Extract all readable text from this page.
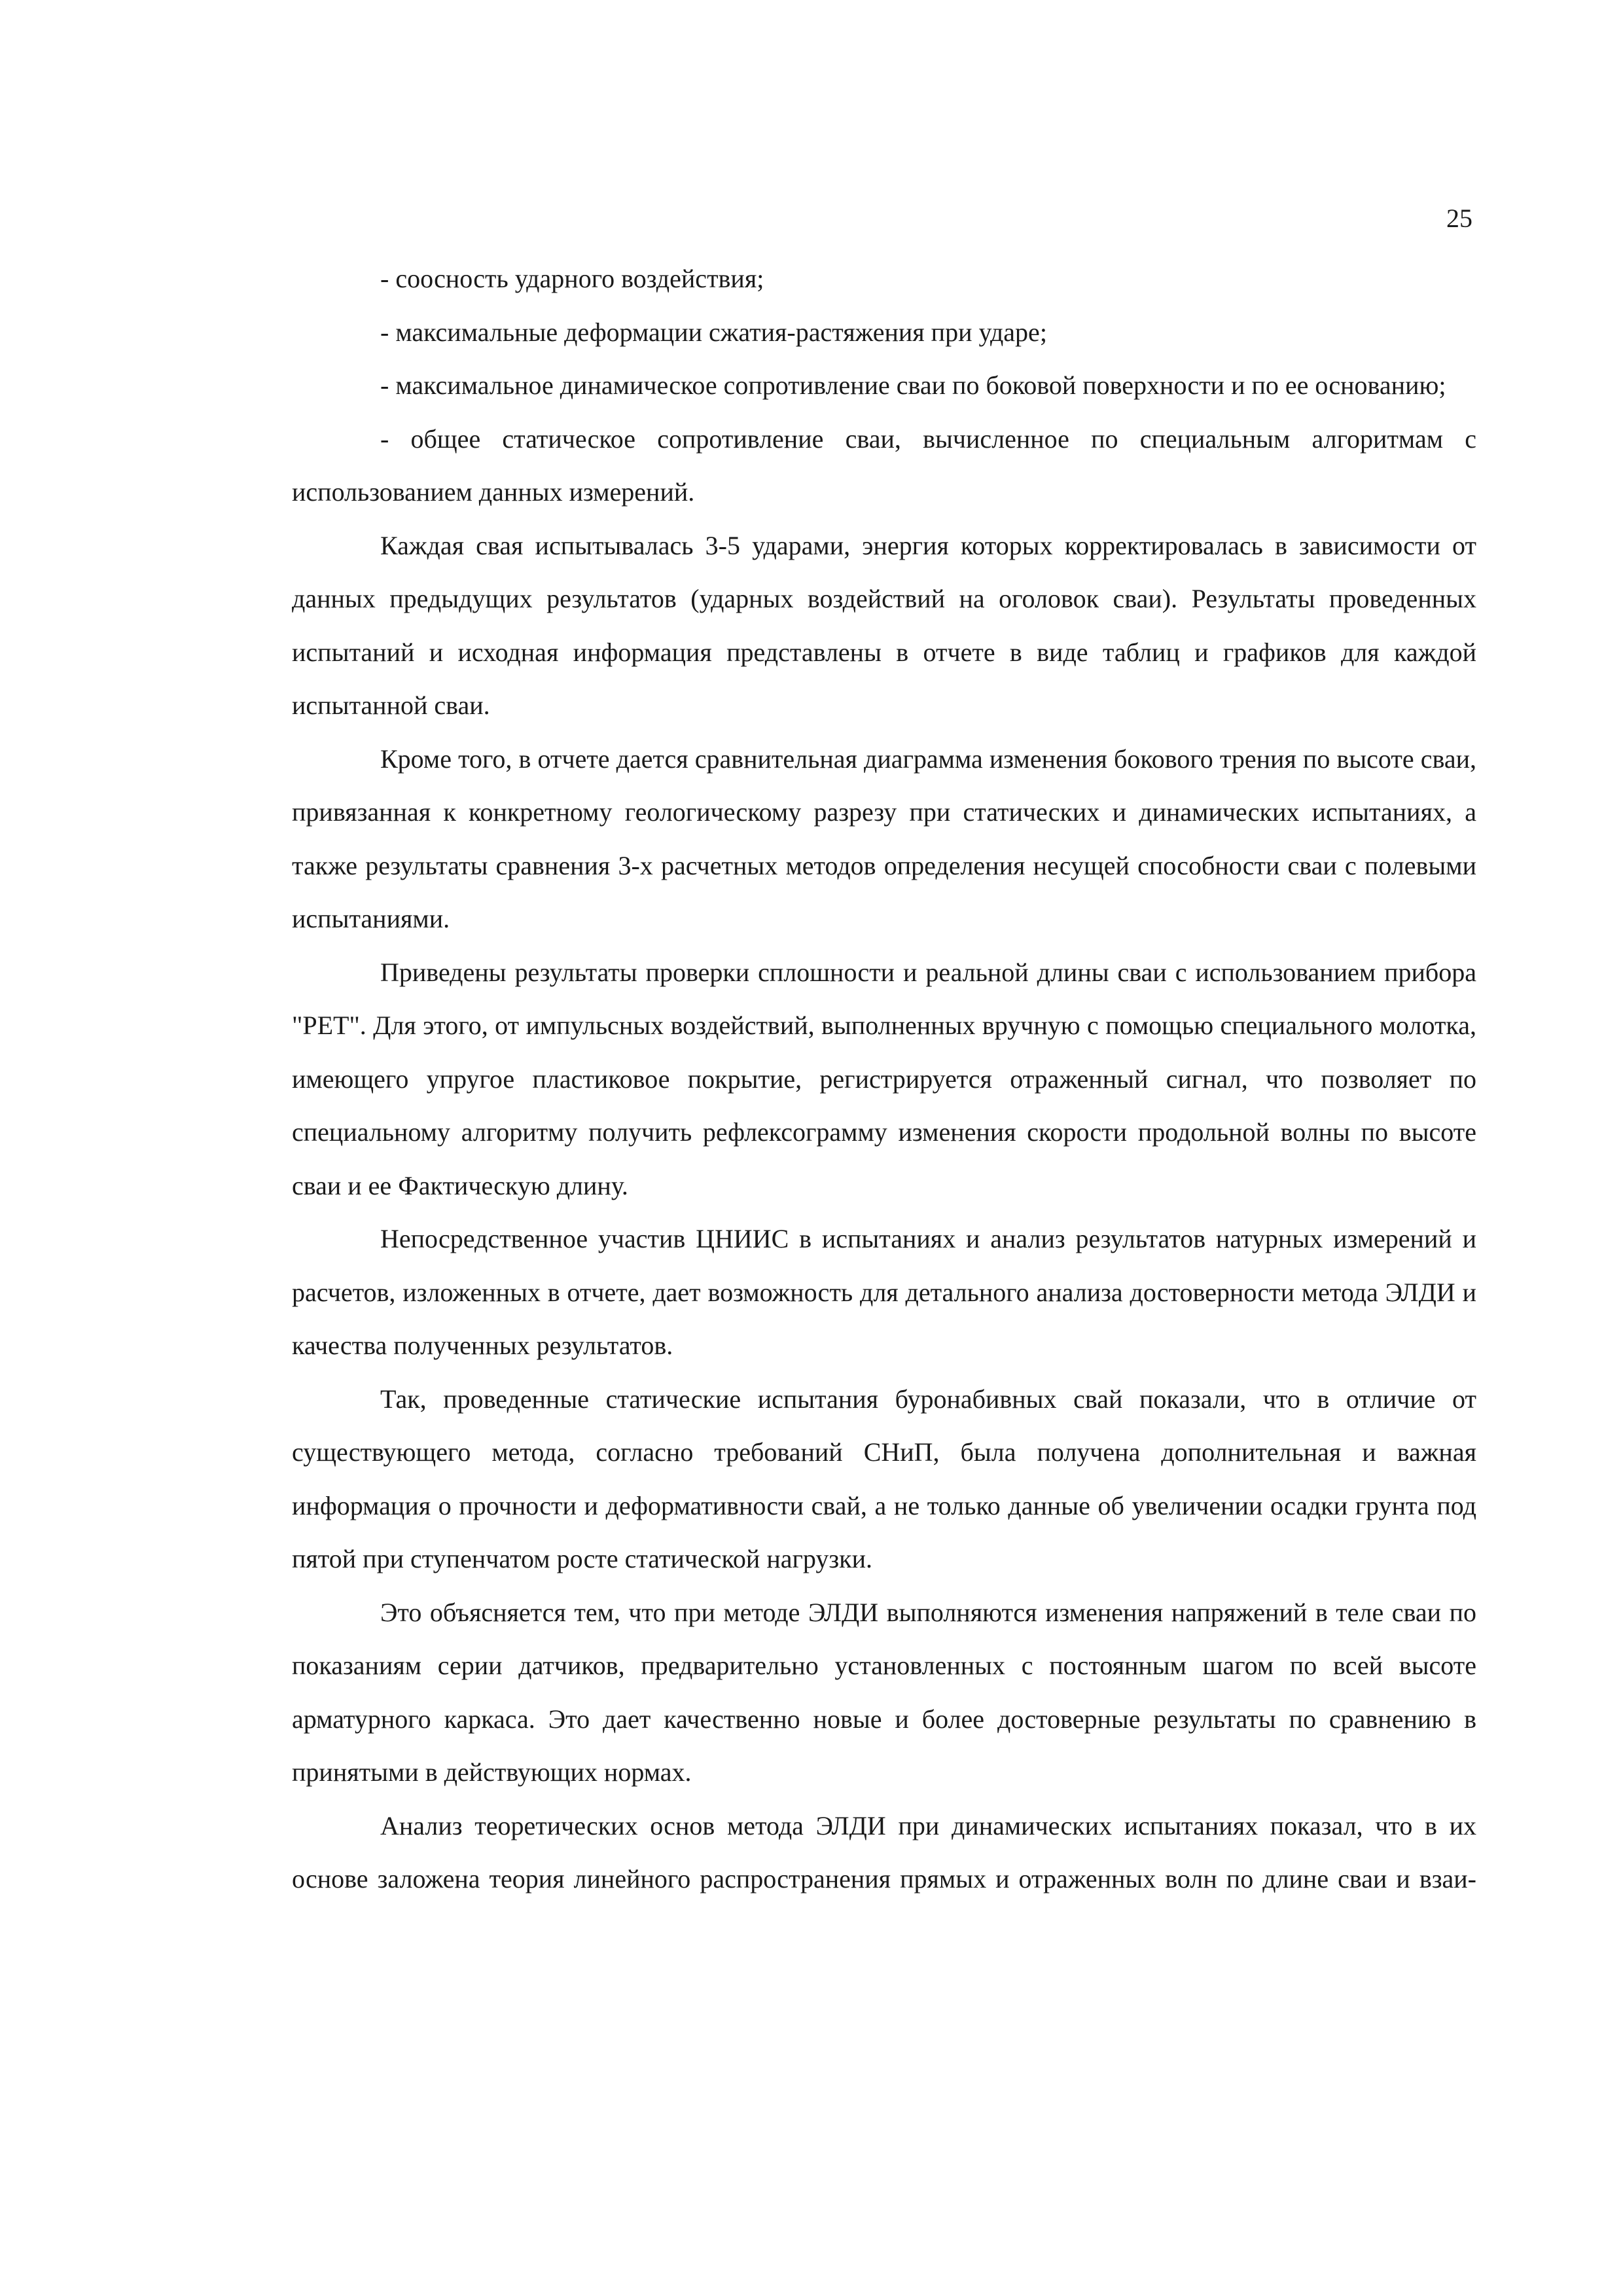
25

- соосность ударного воздействия;

- максимальные деформации сжатия-растяжения при ударе;

- максимальное динамическое сопротивление сваи по боковой поверхности и по ее основанию;

- общее статическое сопротивление сваи, вычисленное по специальным алгоритмам с использованием данных измерений.

Каждая свая испытывалась 3-5 ударами, энергия которых корректировалась в зависимости от данных предыдущих результатов (ударных воздействий на оголовок сваи). Результаты проведенных испытаний и исходная информация представлены в отчете в виде таблиц и графиков для каждой испытанной сваи.

Кроме того, в отчете дается сравнительная диаграмма изменения бокового трения по высоте сваи, привязанная к конкретному геологическому разрезу при статических и динамических испытаниях, а также результаты сравнения 3-х расчетных методов определения несущей способности сваи с полевыми испытаниями.

Приведены результаты проверки сплошности и реальной длины сваи с использованием прибора "PET". Для этого, от импульсных воздействий, выполненных вручную с помощью специального молотка, имеющего упругое пластиковое покрытие, регистрируется отраженный сигнал, что позволяет по специальному алгоритму получить рефлексограмму изменения скорости продольной волны по высоте сваи и ее Фактическую длину.

Непосредственное участив ЦНИИС в испытаниях и анализ результатов натурных измерений и расчетов, изложенных в отчете, дает возможность для детального анализа достоверности метода ЭЛДИ и качества полученных результатов.

Так, проведенные статические испытания буронабивных свай показали, что в отличие от существующего метода, согласно требований СНиП, была получена дополнительная и важная информация о прочности и деформативности свай, а не только данные об увеличении осадки грунта под пятой при ступенчатом росте статической нагрузки.

Это объясняется тем, что при методе ЭЛДИ выполняются изменения напряжений в теле сваи по показаниям серии датчиков, предварительно установленных с постоянным шагом по всей высоте арматурного каркаса. Это дает качественно новые и более достоверные результаты по сравнению в принятыми в действующих нормах.

Анализ теоретических основ метода ЭЛДИ при динамических испытаниях показал, что в их основе заложена теория линейного распространения прямых и отраженных волн по длине сваи и взаи-
